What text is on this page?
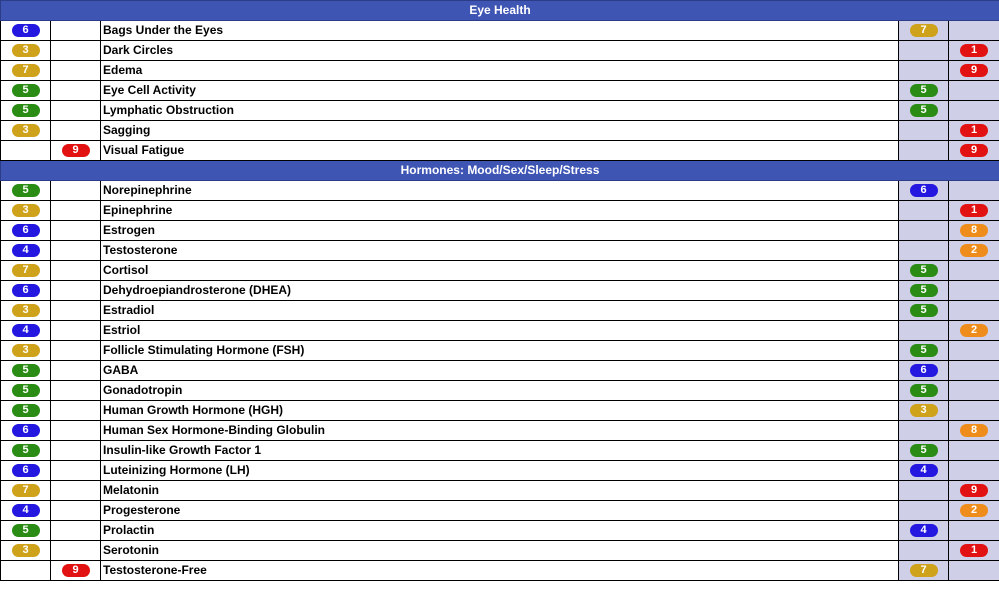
Eye Health				
6		Bags Under the Eyes	7	
3		Dark Circles		1
7		Edema		9
5		Eye Cell Activity	5	
5		Lymphatic Obstruction	5	
3		Sagging		1
	9	Visual Fatigue		9
Hormones: Mood/Sex/Sleep/Stress				
5		Norepinephrine	6	
3		Epinephrine		1
6		Estrogen		8
4		Testosterone		2
7		Cortisol	5	
6		Dehydroepiandrosterone (DHEA)	5	
3		Estradiol	5	
4		Estriol		2
3		Follicle Stimulating Hormone (FSH)	5	
5		GABA	6	
5		Gonadotropin	5	
5		Human Growth Hormone (HGH)	3	
6		Human Sex Hormone-Binding Globulin		8
5		Insulin-like Growth Factor 1	5	
6		Luteinizing Hormone (LH)	4	
7		Melatonin		9
4		Progesterone		2
5		Prolactin	4	
3		Serotonin		1
	9	Testosterone-Free	7	
